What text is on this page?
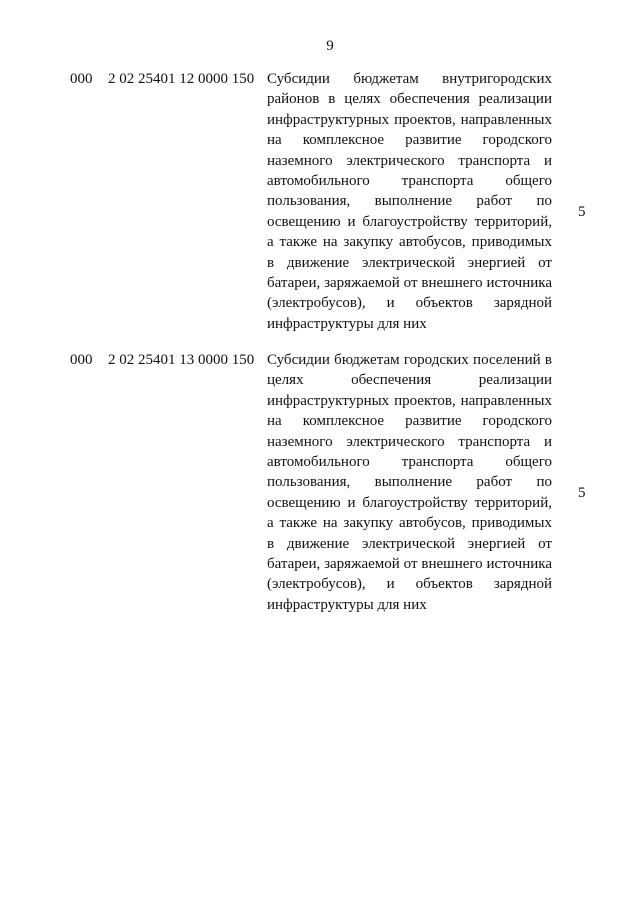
9
000 2 02 25401 12 0000 150 Субсидии бюджетам внутригородских районов в целях обеспечения реализации инфраструктурных проектов, направленных на комплексное развитие городского наземного электрического транспорта и автомобильного транспорта общего пользования, выполнение работ по освещению и благоустройству территорий, а также на закупку автобусов, приводимых в движение электрической энергией от батареи, заряжаемой от внешнего источника (электробусов), и объектов зарядной инфраструктуры для них
5
000 2 02 25401 13 0000 150 Субсидии бюджетам городских поселений в целях обеспечения реализации инфраструктурных проектов, направленных на комплексное развитие городского наземного электрического транспорта и автомобильного транспорта общего пользования, выполнение работ по освещению и благоустройству территорий, а также на закупку автобусов, приводимых в движение электрической энергией от батареи, заряжаемой от внешнего источника (электробусов), и объектов зарядной инфраструктуры для них
5
